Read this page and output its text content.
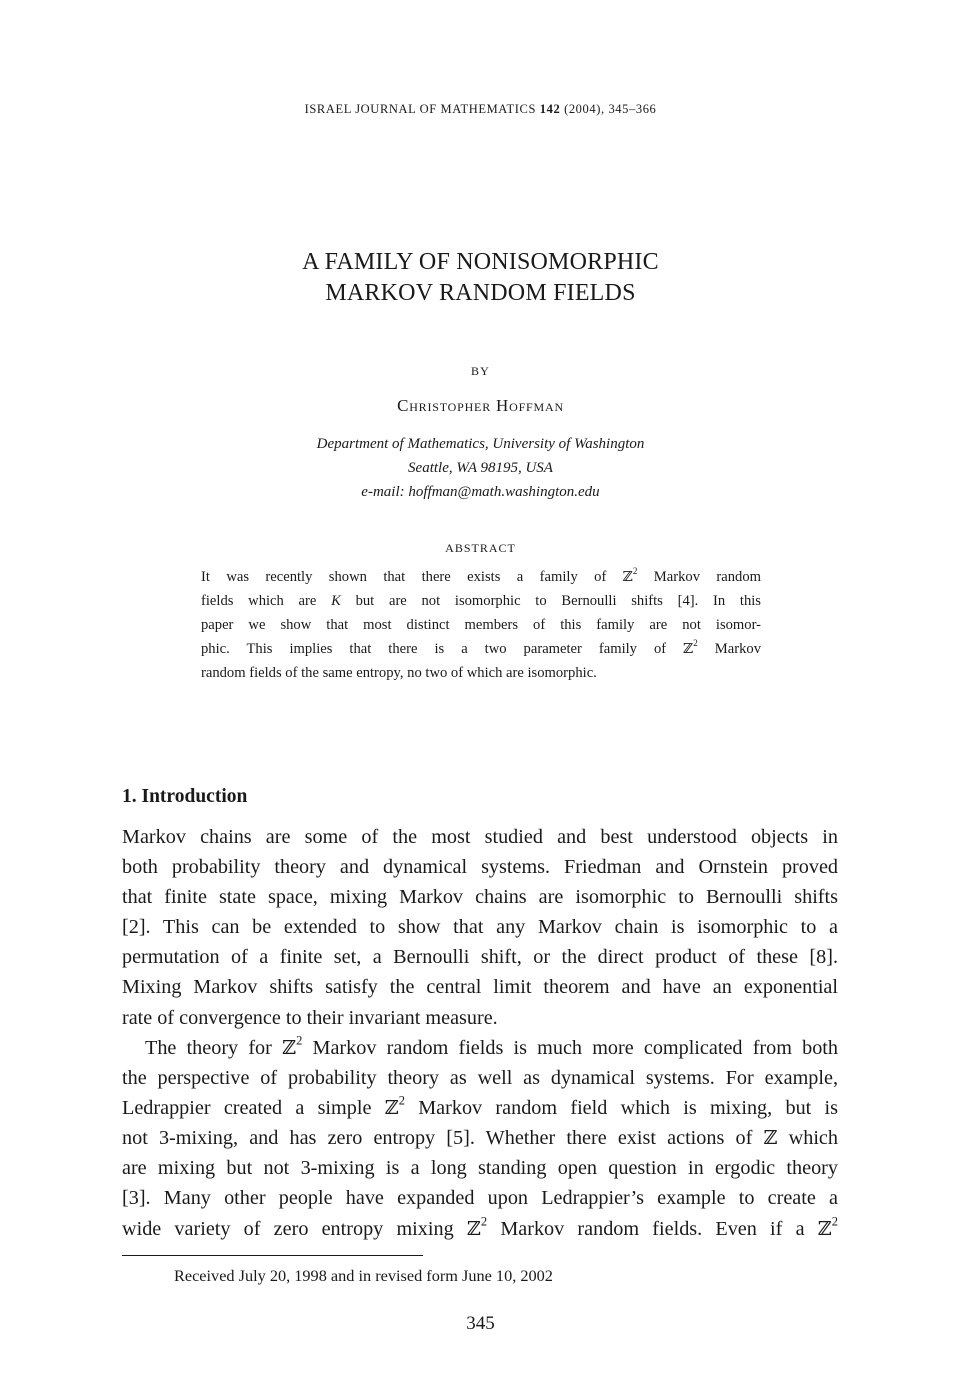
ISRAEL JOURNAL OF MATHEMATICS 142 (2004), 345–366
A FAMILY OF NONISOMORPHIC
MARKOV RANDOM FIELDS
BY
Christopher Hoffman
Department of Mathematics, University of Washington
Seattle, WA 98195, USA
e-mail: hoffman@math.washington.edu
ABSTRACT
It was recently shown that there exists a family of ℤ$^2$ Markov random
fields which are K but are not isomorphic to Bernoulli shifts [4]. In this
paper we show that most distinct members of this family are not isomor-
phic. This implies that there is a two parameter family of ℤ$^2$ Markov
random fields of the same entropy, no two of which are isomorphic.
1. Introduction
Markov chains are some of the most studied and best understood objects in
both probability theory and dynamical systems. Friedman and Ornstein proved
that finite state space, mixing Markov chains are isomorphic to Bernoulli shifts
[2]. This can be extended to show that any Markov chain is isomorphic to a
permutation of a finite set, a Bernoulli shift, or the direct product of these [8].
Mixing Markov shifts satisfy the central limit theorem and have an exponential
rate of convergence to their invariant measure.
The theory for ℤ$^2$ Markov random fields is much more complicated from both
the perspective of probability theory as well as dynamical systems. For example,
Ledrappier created a simple ℤ$^2$ Markov random field which is mixing, but is
not 3-mixing, and has zero entropy [5]. Whether there exist actions of ℤ which
are mixing but not 3-mixing is a long standing open question in ergodic theory
[3]. Many other people have expanded upon Ledrappier’s example to create a
wide variety of zero entropy mixing ℤ$^2$ Markov random fields. Even if a ℤ$^2$
Received July 20, 1998 and in revised form June 10, 2002
345
